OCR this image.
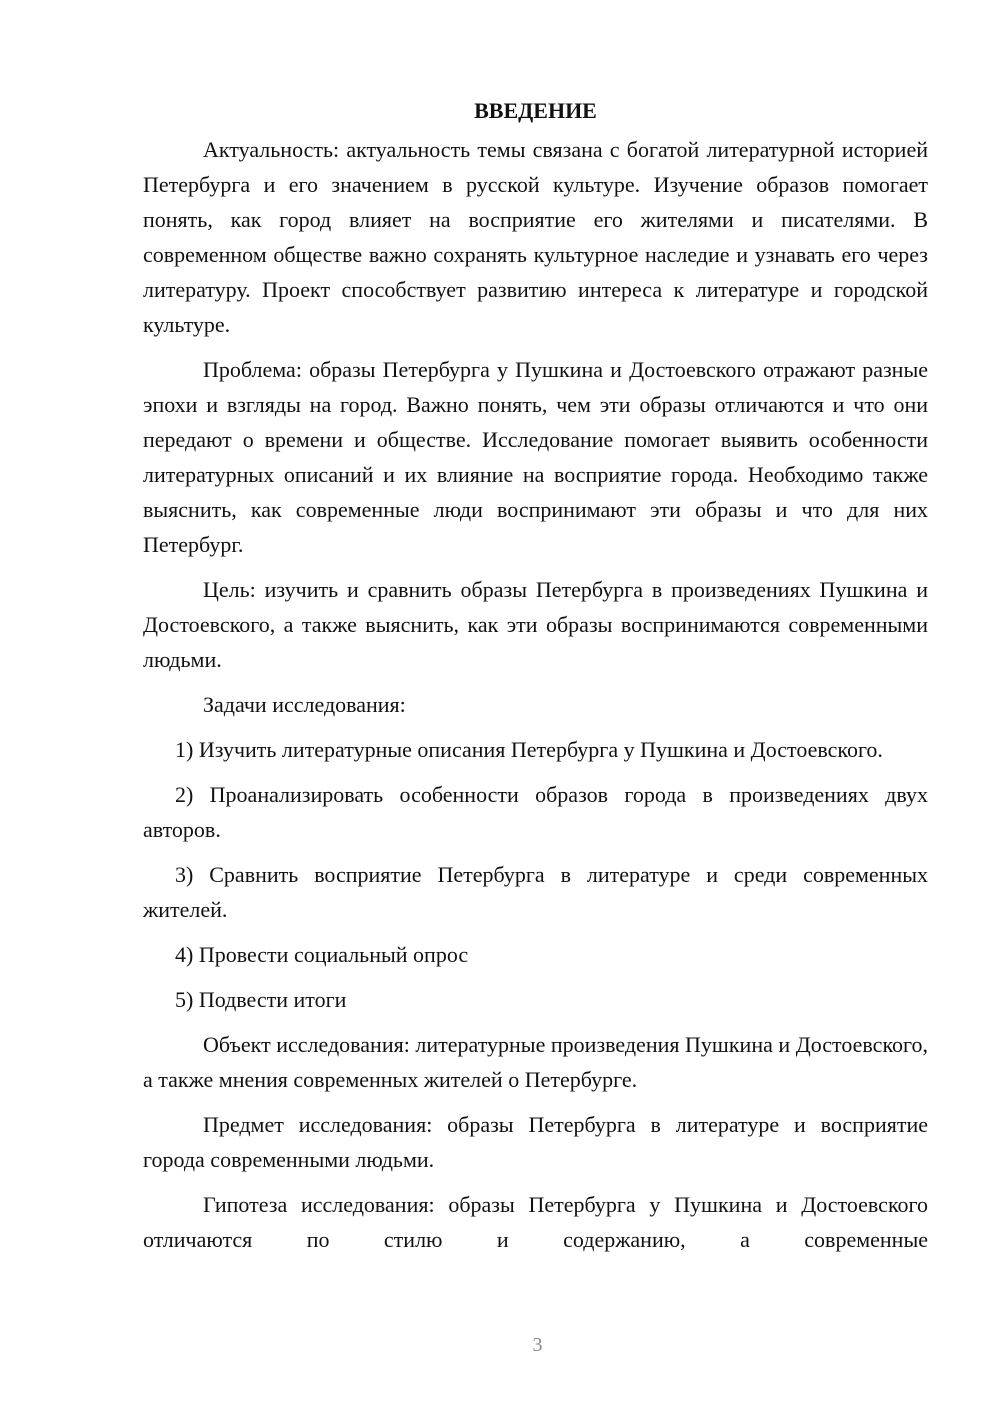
ВВЕДЕНИЕ

Актуальность: актуальность темы связана с богатой литературной историей Петербурга и его значением в русской культуре. Изучение образов помогает понять, как город влияет на восприятие его жителями и писателями. В современном обществе важно сохранять культурное наследие и узнавать его через литературу. Проект способствует развитию интереса к литературе и городской культуре.

Проблема: образы Петербурга у Пушкина и Достоевского отражают разные эпохи и взгляды на город. Важно понять, чем эти образы отличаются и что они передают о времени и обществе. Исследование помогает выявить особенности литературных описаний и их влияние на восприятие города. Необходимо также выяснить, как современные люди воспринимают эти образы и что для них Петербург.

Цель: изучить и сравнить образы Петербурга в произведениях Пушкина и Достоевского, а также выяснить, как эти образы воспринимаются современными людьми.

Задачи исследования:

1) Изучить литературные описания Петербурга у Пушкина и Достоевского.

2) Проанализировать особенности образов города в произведениях двух авторов.

3) Сравнить восприятие Петербурга в литературе и среди современных жителей.

4) Провести социальный опрос

5) Подвести итоги

Объект исследования: литературные произведения Пушкина и Достоевского, а также мнения современных жителей о Петербурге.

Предмет исследования: образы Петербурга в литературе и восприятие города современными людьми.

Гипотеза исследования: образы Петербурга у Пушкина и Достоевского отличаются по стилю и содержанию, а современные

3
